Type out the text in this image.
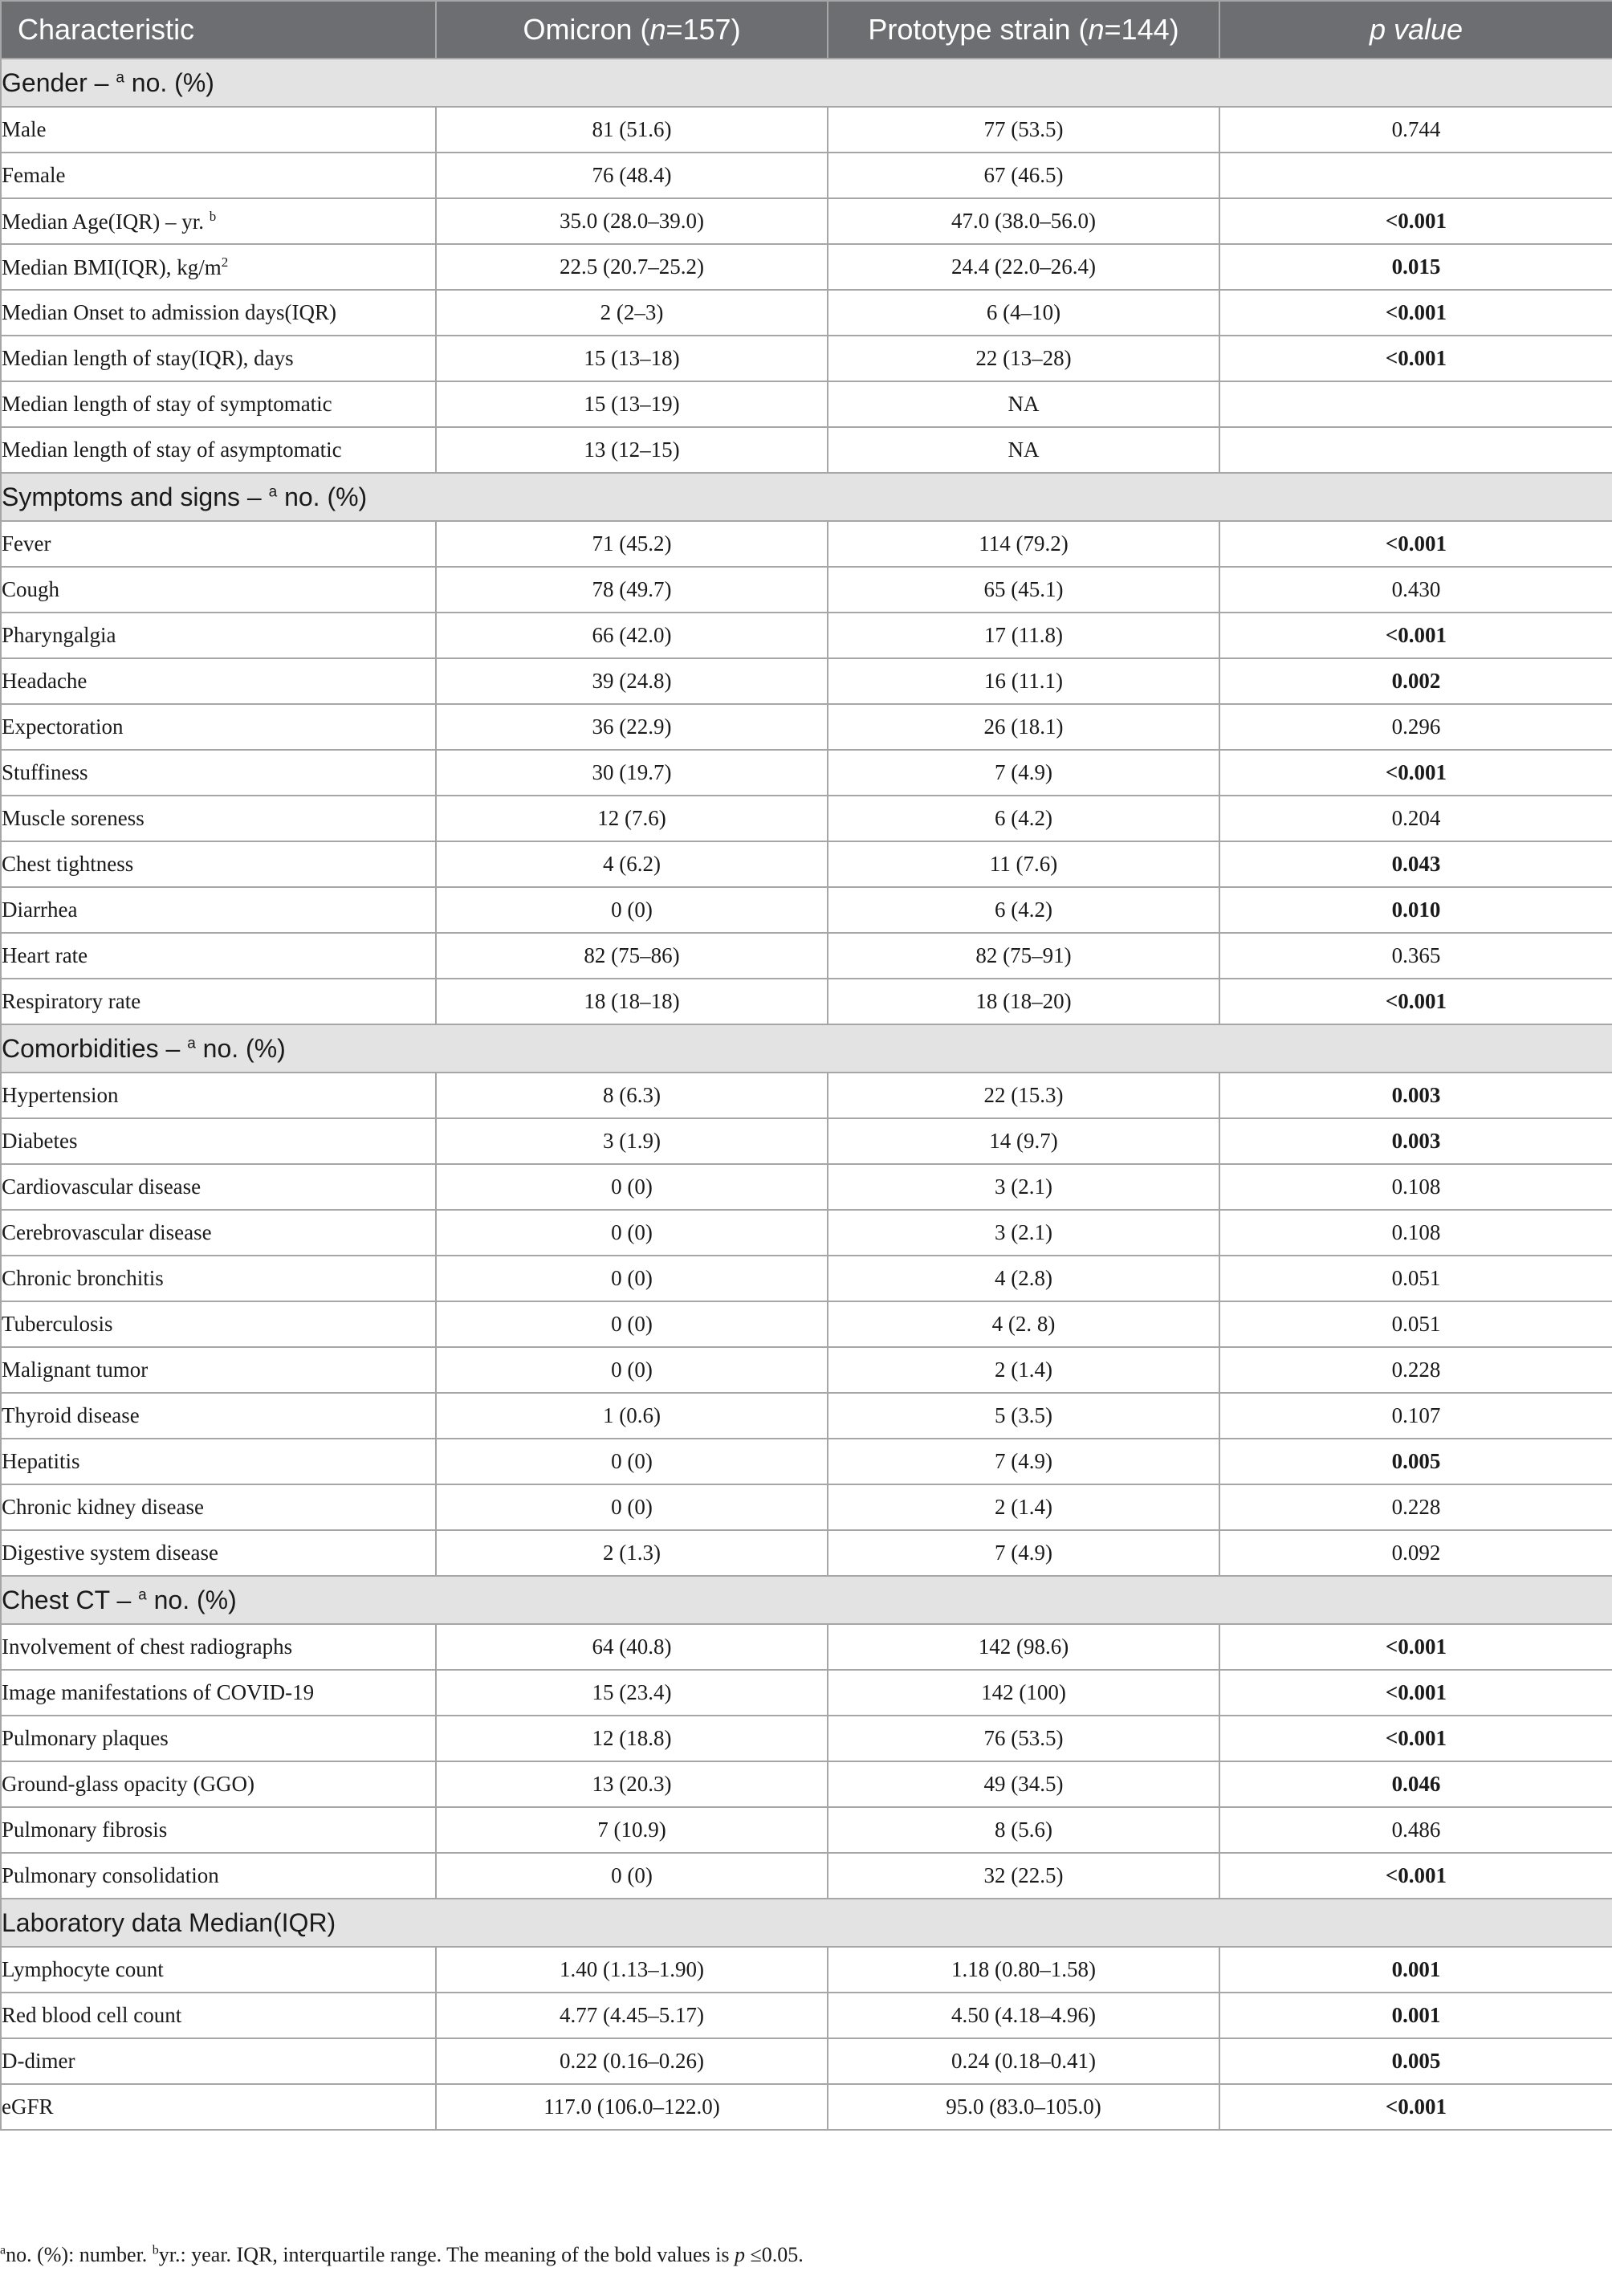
Characteristic	Omicron (n=157)	Prototype strain (n=144)	p value
Gender – $^a$ no. (%)			
Male	81 (51.6)	77 (53.5)	0.744
Female	76 (48.4)	67 (46.5)	
Median Age(IQR) – yr. $^b$	35.0 (28.0–39.0)	47.0 (38.0–56.0)	<0.001
Median BMI(IQR), $kg/m^2$	22.5 (20.7–25.2)	24.4 (22.0–26.4)	0.015
Median Onset to admission days(IQR)	2 (2–3)	6 (4–10)	<0.001
Median length of stay(IQR), days	15 (13–18)	22 (13–28)	<0.001
Median length of stay of symptomatic	15 (13–19)	NA	
Median length of stay of asymptomatic	13 (12–15)	NA	
Symptoms and signs – $^a$ no. (%)			
Fever	71 (45.2)	114 (79.2)	<0.001
Cough	78 (49.7)	65 (45.1)	0.430
Pharyngalgia	66 (42.0)	17 (11.8)	<0.001
Headache	39 (24.8)	16 (11.1)	0.002
Expectoration	36 (22.9)	26 (18.1)	0.296
Stuffiness	30 (19.7)	7 (4.9)	<0.001
Muscle soreness	12 (7.6)	6 (4.2)	0.204
Chest tightness	4 (6.2)	11 (7.6)	0.043
Diarrhea	0 (0)	6 (4.2)	0.010
Heart rate	82 (75–86)	82 (75–91)	0.365
Respiratory rate	18 (18–18)	18 (18–20)	<0.001
Comorbidities – $^a$ no. (%)			
Hypertension	8 (6.3)	22 (15.3)	0.003
Diabetes	3 (1.9)	14 (9.7)	0.003
Cardiovascular disease	0 (0)	3 (2.1)	0.108
Cerebrovascular disease	0 (0)	3 (2.1)	0.108
Chronic bronchitis	0 (0)	4 (2.8)	0.051
Tuberculosis	0 (0)	4 (2. 8)	0.051
Malignant tumor	0 (0)	2 (1.4)	0.228
Thyroid disease	1 (0.6)	5 (3.5)	0.107
Hepatitis	0 (0)	7 (4.9)	0.005
Chronic kidney disease	0 (0)	2 (1.4)	0.228
Digestive system disease	2 (1.3)	7 (4.9)	0.092
Chest CT – $^a$ no. (%)			
Involvement of chest radiographs	64 (40.8)	142 (98.6)	<0.001
Image manifestations of COVID-19	15 (23.4)	142 (100)	<0.001
Pulmonary plaques	12 (18.8)	76 (53.5)	<0.001
Ground-glass opacity (GGO)	13 (20.3)	49 (34.5)	0.046
Pulmonary fibrosis	7 (10.9)	8 (5.6)	0.486
Pulmonary consolidation	0 (0)	32 (22.5)	<0.001
Laboratory data Median(IQR)			
Lymphocyte count	1.40 (1.13–1.90)	1.18 (0.80–1.58)	0.001
Red blood cell count	4.77 (4.45–5.17)	4.50 (4.18–4.96)	0.001
D-dimer	0.22 (0.16–0.26)	0.24 (0.18–0.41)	0.005
eGFR	117.0 (106.0–122.0)	95.0 (83.0–105.0)	<0.001
$^a$no. (%): number. $^b$yr.: year. IQR, interquartile range. The meaning of the bold values is p ≤0.05.
